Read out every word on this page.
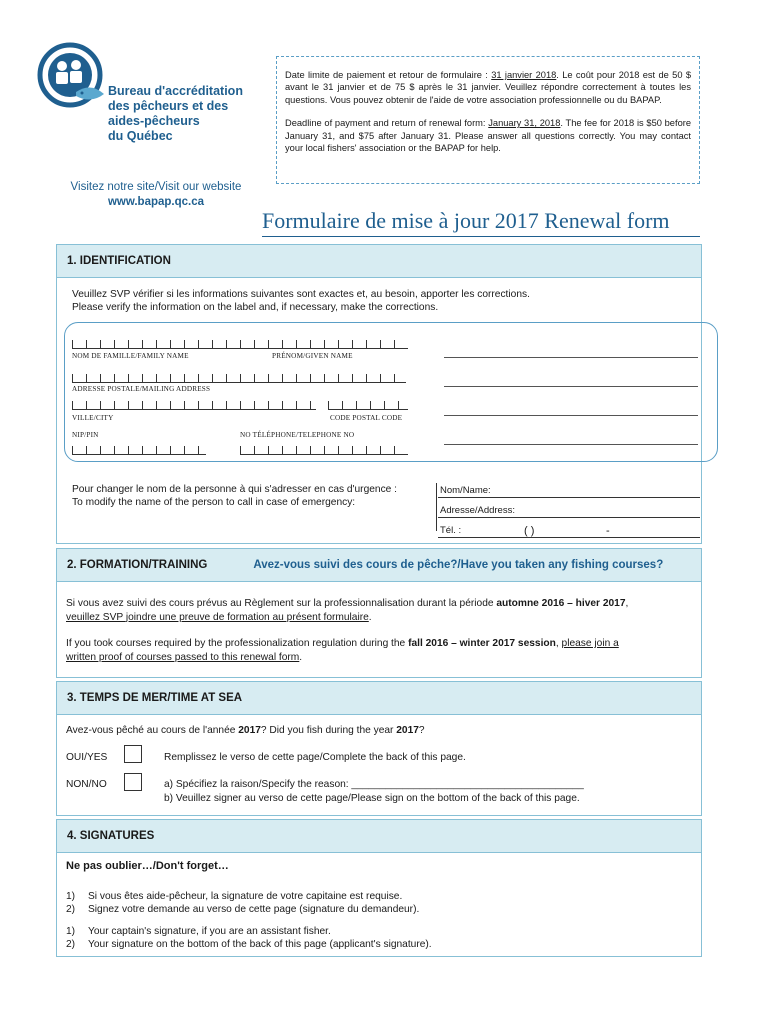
Bureau d'accréditation
des pêcheurs et des
aides-pêcheurs
du Québec

Date limite de paiement et retour de formulaire : 31 janvier 2018. Le coût pour 2018 est de 50 $ avant le 31 janvier et de 75 $ après le 31 janvier. Veuillez répondre correctement à toutes les questions. Vous pouvez obtenir de l'aide de votre association professionnelle ou du BAPAP.

Deadline of payment and return of renewal form: January 31, 2018. The fee for 2018 is $50 before January 31, and $75 after January 31. Please answer all questions correctly. You may contact your local fishers' association or the BAPAP for help.

Visitez notre site/Visit our website
www.bapap.qc.ca
Formulaire de mise à jour 2017 Renewal form
1. IDENTIFICATION
Veuillez SVP vérifier si les informations suivantes sont exactes et, au besoin, apporter les corrections.
Please verify the information on the label and, if necessary, make the corrections.
NOM DE FAMILLE/FAMILY NAME	PRÉNOM/GIVEN NAME
ADRESSE POSTALE/MAILING ADDRESS
VILLE/CITY	CODE POSTAL CODE
NIP/PIN	NO TÉLÉPHONE/TELEPHONE NO
Pour changer le nom de la personne à qui s'adresser en cas d'urgence :
To modify the name of the person to call in case of emergency:
Nom/Name:
Adresse/Address:
Tél. :	( )	-
2. FORMATION/TRAINING	Avez-vous suivi des cours de pêche?/Have you taken any fishing courses?
Si vous avez suivi des cours prévus au Règlement sur la professionnalisation durant la période automne 2016 – hiver 2017,
veuillez SVP joindre une preuve de formation au présent formulaire.
If you took courses required by the professionalization regulation during the fall 2016 – winter 2017 session, please join a
written proof of courses passed to this renewal form.
3. TEMPS DE MER/TIME AT SEA
Avez-vous pêché au cours de l'année 2017? Did you fish during the year 2017?
OUI/YES	Remplissez le verso de cette page/Complete the back of this page.
NON/NO	a) Spécifiez la raison/Specify the reason: _________________________________________
b) Veuillez signer au verso de cette page/Please sign on the bottom of the back of this page.
4. SIGNATURES
Ne pas oublier…/Don't forget…
1) Si vous êtes aide-pêcheur, la signature de votre capitaine est requise.
2) Signez votre demande au verso de cette page (signature du demandeur).
1) Your captain's signature, if you are an assistant fisher.
2) Your signature on the bottom of the back of this page (applicant's signature).
